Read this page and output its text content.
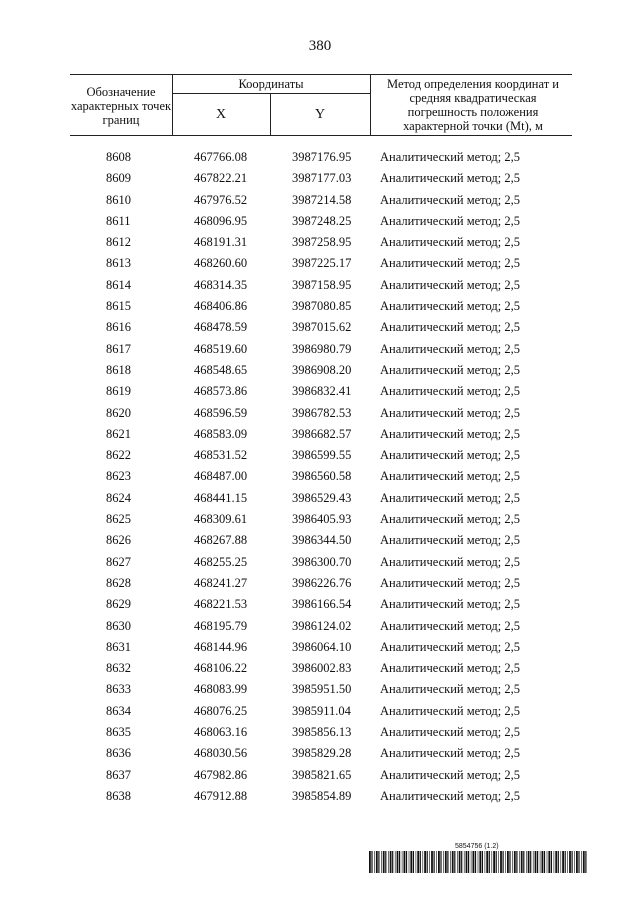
380
Обозначение характерных точек границ
Координаты
X	Y
Метод определения координат и средняя квадратическая погрешность положения характерной точки (Mt), м
8608	467766.08	3987176.95 Аналитический метод; 2,5
8609	467822.21	3987177.03 Аналитический метод; 2,5
8610	467976.52	3987214.58 Аналитический метод; 2,5
8611	468096.95	3987248.25 Аналитический метод; 2,5
8612	468191.31	3987258.95 Аналитический метод; 2,5
8613	468260.60	3987225.17 Аналитический метод; 2,5
8614	468314.35	3987158.95 Аналитический метод; 2,5
8615	468406.86	3987080.85 Аналитический метод; 2,5
8616	468478.59	3987015.62 Аналитический метод; 2,5
8617	468519.60	3986980.79 Аналитический метод; 2,5
8618	468548.65	3986908.20 Аналитический метод; 2,5
8619	468573.86	3986832.41 Аналитический метод; 2,5
8620	468596.59	3986782.53 Аналитический метод; 2,5
8621	468583.09	3986682.57 Аналитический метод; 2,5
8622	468531.52	3986599.55 Аналитический метод; 2,5
8623	468487.00	3986560.58 Аналитический метод; 2,5
8624	468441.15	3986529.43 Аналитический метод; 2,5
8625	468309.61	3986405.93 Аналитический метод; 2,5
8626	468267.88	3986344.50 Аналитический метод; 2,5
8627	468255.25	3986300.70 Аналитический метод; 2,5
8628	468241.27	3986226.76 Аналитический метод; 2,5
8629	468221.53	3986166.54 Аналитический метод; 2,5
8630	468195.79	3986124.02 Аналитический метод; 2,5
8631	468144.96	3986064.10 Аналитический метод; 2,5
8632	468106.22	3986002.83 Аналитический метод; 2,5
8633	468083.99	3985951.50 Аналитический метод; 2,5
8634	468076.25	3985911.04 Аналитический метод; 2,5
8635	468063.16	3985856.13 Аналитический метод; 2,5
8636	468030.56	3985829.28 Аналитический метод; 2,5
8637	467982.86	3985821.65 Аналитический метод; 2,5
8638	467912.88	3985854.89 Аналитический метод; 2,5
5854756 (1.2)
